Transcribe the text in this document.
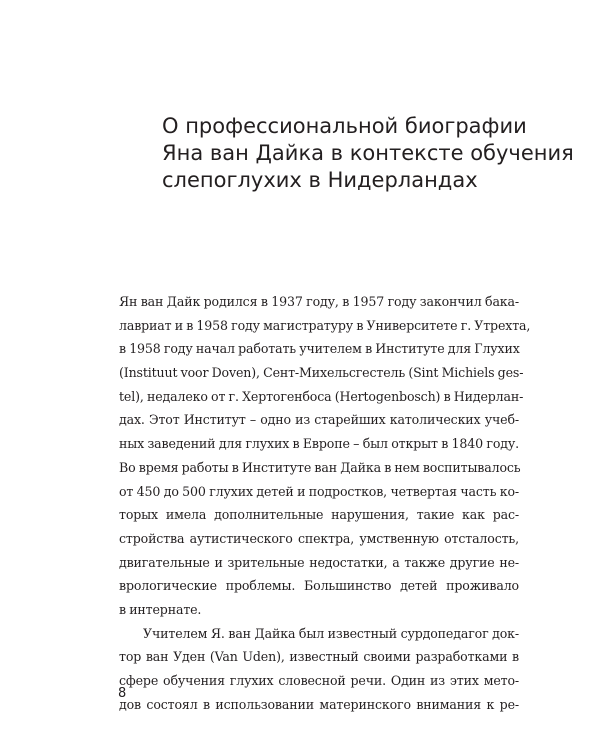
О профессиональной биографии
Яна ван Дайка в контексте обучения
слепоглухих в Нидерландах

Ян ван Дайк родился в 1937 году, в 1957 году закончил бака-
лавриат и в 1958 году магистратуру в Университете г. Утрехта,
в 1958 году начал работать учителем в Институте для Глухих
(Instituut voor Doven), Сент-Михельсгестель (Sint Michiels ges-
tel), недалеко от г. Хертогенбоса (Hertogenbosch) в Нидерлан-
дах. Этот Институт – одно из старейших католических учеб-
ных заведений для глухих в Европе – был открыт в 1840 году.
Во время работы в Институте ван Дайка в нем воспитывалось
от 450 до 500 глухих детей и подростков, четвертая часть ко-
торых имела дополнительные нарушения, такие как рас-
стройства аутистического спектра, умственную отсталость,
двигательные и зрительные недостатки, а также другие не-
врологические проблемы. Большинство детей проживало
в интернате.

Учителем Я. ван Дайка был известный сурдопедагог док-
тор ван Уден (Van Uden), известный своими разработками в
сфере обучения глухих словесной речи. Один из этих мето-
дов состоял в использовании материнского внимания к ре-

8
